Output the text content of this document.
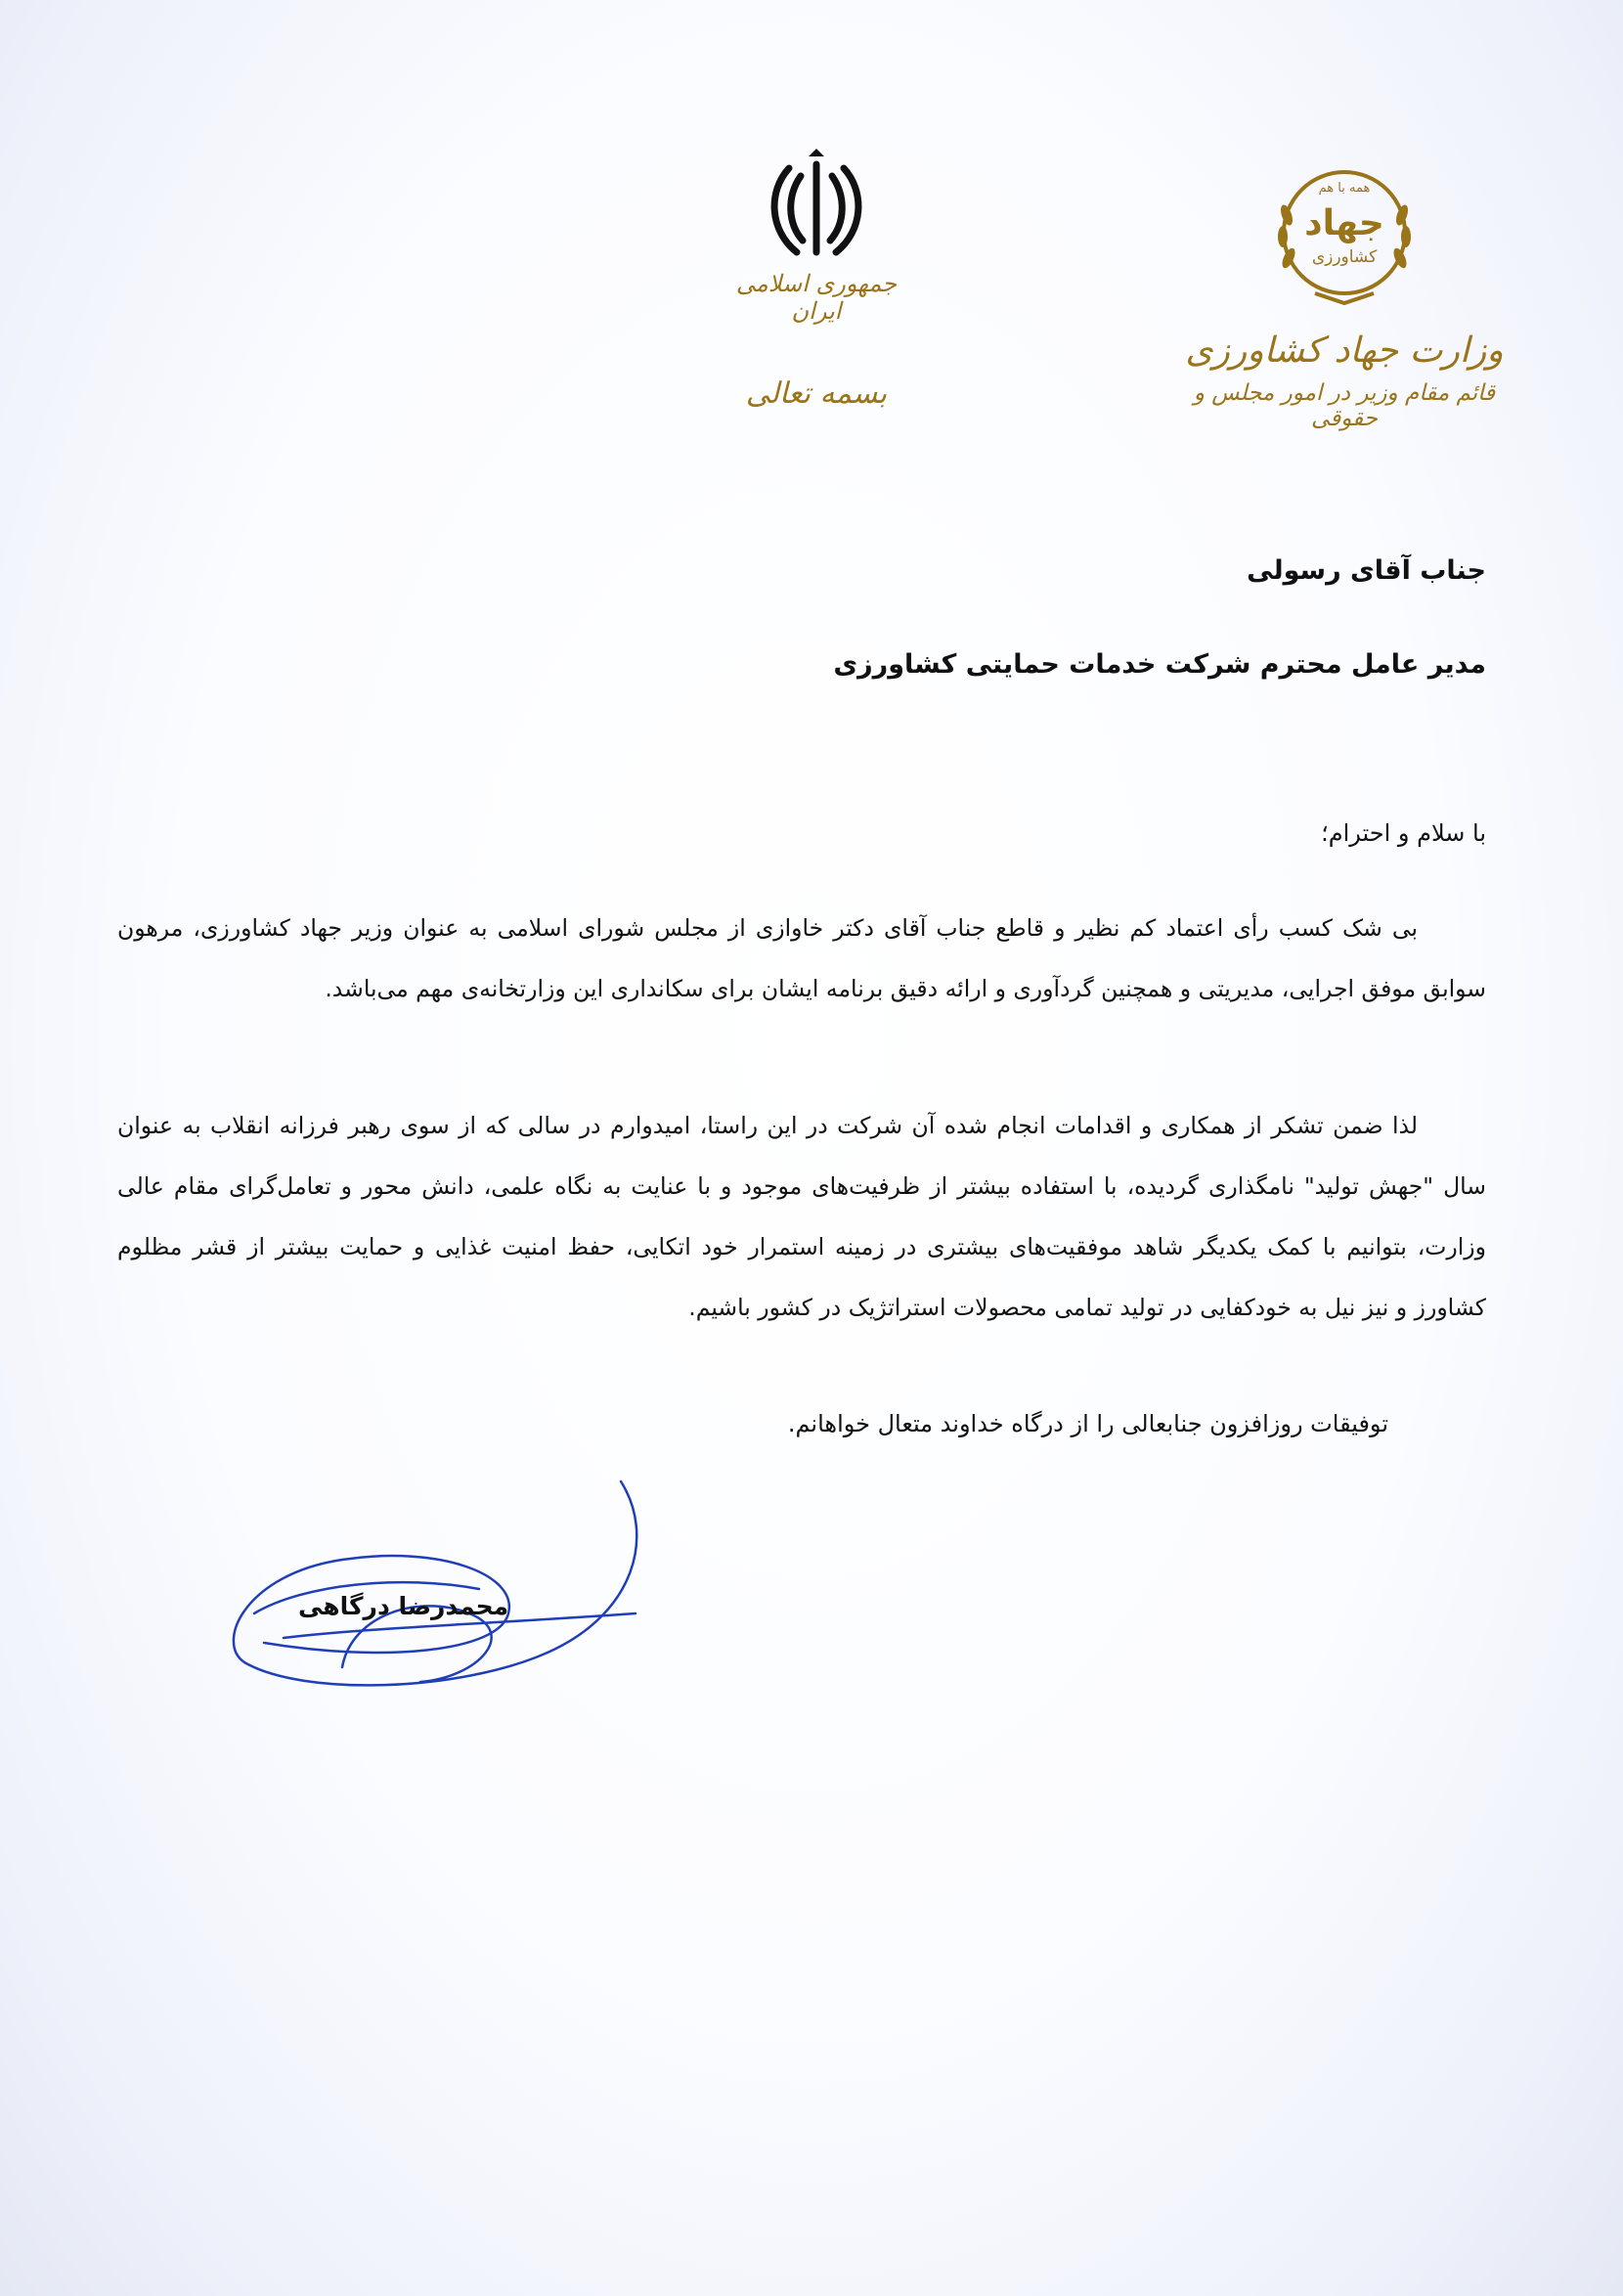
جمهوری اسلامی ایران
بسمه تعالی
همه با هم
جهاد
کشاورزی
وزارت جهاد کشاورزی
قائم مقام وزیر در امور مجلس و حقوقی
جناب آقای رسولی
مدیر عامل محترم شرکت خدمات حمایتی کشاورزی
با سلام و احترام؛
بی شک کسب رأی اعتماد کم نظیر و قاطع جناب آقای دکتر خاوازی از مجلس شورای اسلامی به عنوان وزیر جهاد کشاورزی، مرهون سوابق موفق اجرایی، مدیریتی و همچنین گردآوری و ارائه دقیق برنامه ایشان برای سکانداری این وزارتخانه‌ی مهم می‌باشد.
لذا ضمن تشکر از همکاری و اقدامات انجام شده آن شرکت در این راستا، امیدوارم در سالی که از سوی رهبر فرزانه انقلاب به عنوان سال "جهش تولید" نامگذاری گردیده، با استفاده بیشتر از ظرفیت‌های موجود و با عنایت به نگاه علمی، دانش محور و تعامل‌گرای مقام عالی وزارت، بتوانیم با کمک یکدیگر شاهد موفقیت‌های بیشتری در زمینه استمرار خود اتکایی، حفظ امنیت غذایی و حمایت بیشتر از قشر مظلوم کشاورز و نیز نیل به خودکفایی در تولید تمامی محصولات استراتژیک در کشور باشیم.
توفیقات روزافزون جنابعالی را از درگاه خداوند متعال خواهانم.
محمدرضا درگاهی
